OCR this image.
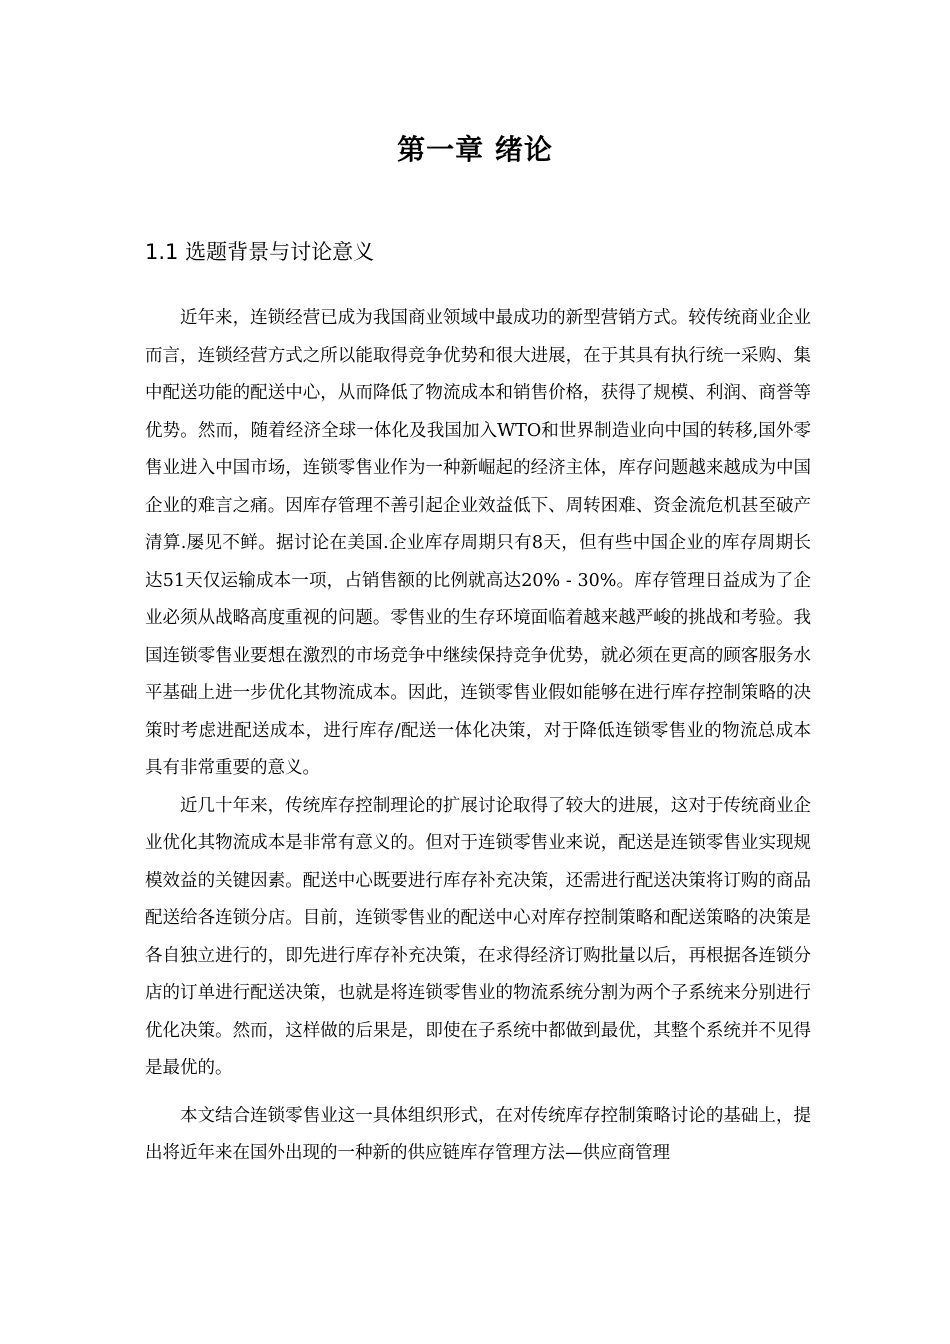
第一章 绪论
1.1 选题背景与讨论意义

近年来，连锁经营已成为我国商业领域中最成功的新型营销方式。较传统商业企业而言，连锁经营方式之所以能取得竞争优势和很大进展，在于其具有执行统一采购、集中配送功能的配送中心，从而降低了物流成本和销售价格，获得了规模、利润、商誉等优势。然而，随着经济全球一体化及我国加入WTO和世界制造业向中国的转移,国外零售业进入中国市场，连锁零售业作为一种新崛起的经济主体，库存问题越来越成为中国企业的难言之痛。因库存管理不善引起企业效益低下、周转困难、资金流危机甚至破产清算.屡见不鲜。据讨论在美国.企业库存周期只有8天，但有些中国企业的库存周期长达51天仅运输成本一项，占销售额的比例就高达20% - 30%。库存管理日益成为了企业必须从战略高度重视的问题。零售业的生存环境面临着越来越严峻的挑战和考验。我国连锁零售业要想在激烈的市场竞争中继续保持竞争优势，就必须在更高的顾客服务水平基础上进一步优化其物流成本。因此，连锁零售业假如能够在进行库存控制策略的决策时考虑进配送成本，进行库存/配送一体化决策，对于降低连锁零售业的物流总成本具有非常重要的意义。

近几十年来，传统库存控制理论的扩展讨论取得了较大的进展，这对于传统商业企业优化其物流成本是非常有意义的。但对于连锁零售业来说，配送是连锁零售业实现规模效益的关键因素。配送中心既要进行库存补充决策，还需进行配送决策将订购的商品配送给各连锁分店。目前，连锁零售业的配送中心对库存控制策略和配送策略的决策是各自独立进行的，即先进行库存补充决策，在求得经济订购批量以后，再根据各连锁分店的订单进行配送决策，也就是将连锁零售业的物流系统分割为两个子系统来分别进行优化决策。然而，这样做的后果是，即使在子系统中都做到最优，其整个系统并不见得是最优的。

本文结合连锁零售业这一具体组织形式，在对传统库存控制策略讨论的基础上，提出将近年来在国外出现的一种新的供应链库存管理方法—供应商管理
